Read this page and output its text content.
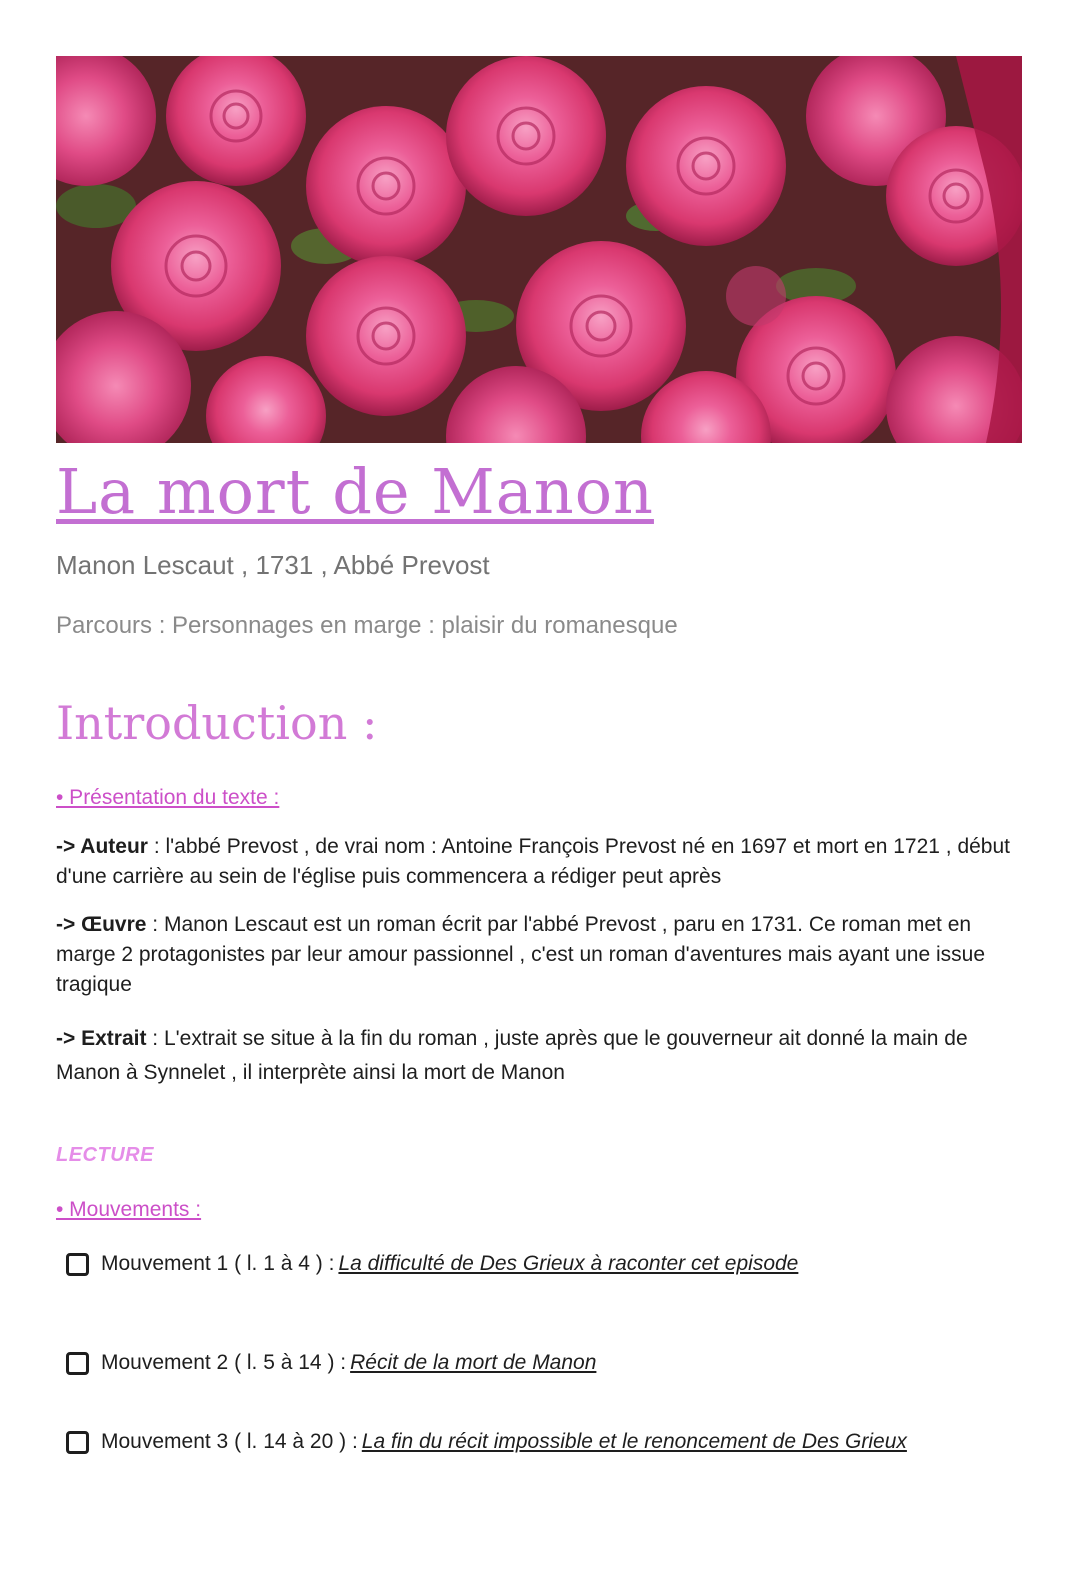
La mort de Manon
Manon Lescaut , 1731 , Abbé Prevost
Parcours : Personnages en marge : plaisir du romanesque
Introduction :
• Présentation du texte :
-> Auteur : l'abbé Prevost , de vrai nom : Antoine François Prevost né en 1697 et mort en 1721 , début d'une carrière au sein de l'église puis commencera a rédiger peut après
-> Œuvre : Manon Lescaut est un roman écrit par l'abbé Prevost , paru en 1731. Ce roman met en marge 2 protagonistes par leur amour passionnel , c'est un roman d'aventures mais ayant une issue tragique
-> Extrait : L'extrait se situe à la fin du roman , juste après que le gouverneur ait donné la main de Manon à Synnelet , il interprète ainsi la mort de Manon
LECTURE
• Mouvements :
Mouvement 1 ( l. 1 à 4 ) : La difficulté de Des Grieux à raconter cet episode
Mouvement 2 ( l. 5 à 14 ) : Récit de la mort de Manon
Mouvement 3 ( l. 14 à 20 ) : La fin du récit impossible et le renoncement de Des Grieux
